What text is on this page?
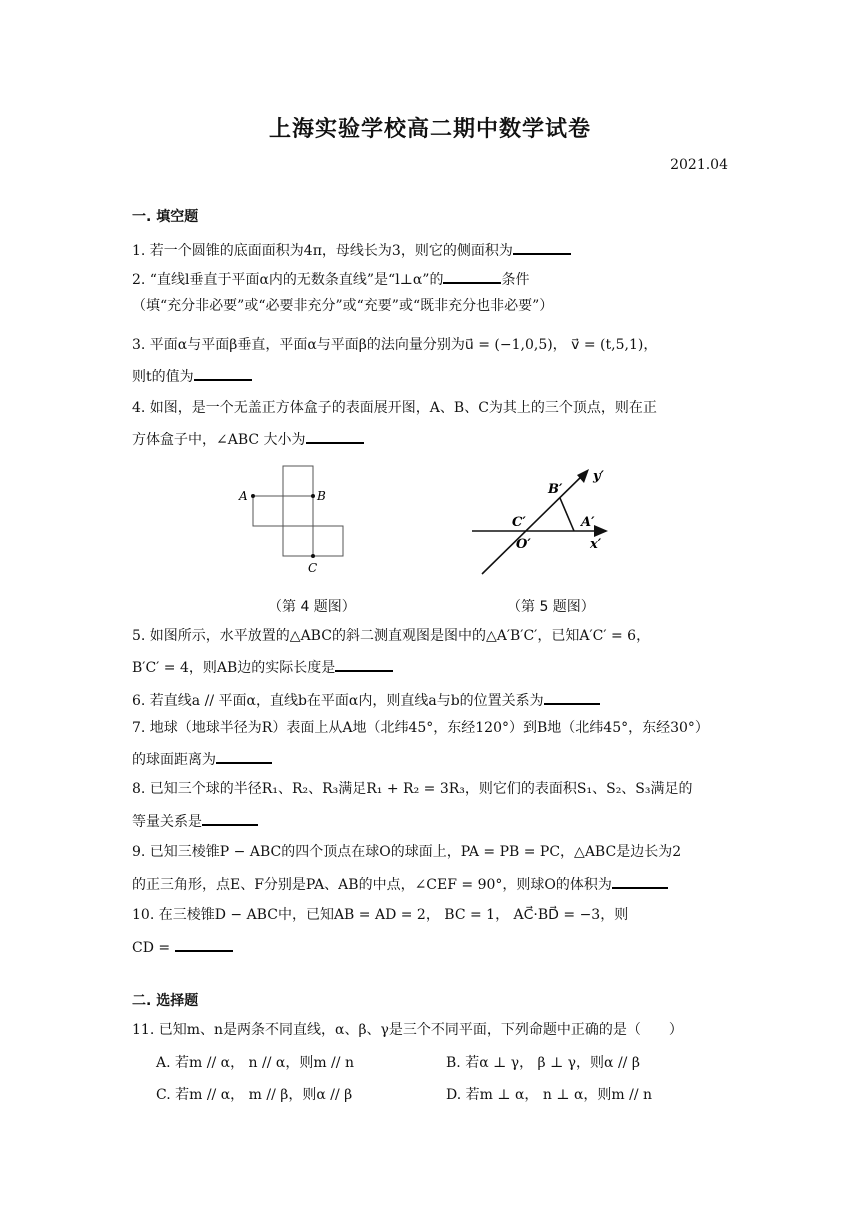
上海实验学校高二期中数学试卷
2021.04
一. 填空题
1. 若一个圆锥的底面面积为4π，母线长为3，则它的侧面积为
2. “直线l垂直于平面α内的无数条直线”是“l⊥α”的	条件
（填“充分非必要”或“必要非充分”或“充要”或“既非充分也非必要”）
3. 平面α与平面β垂直，平面α与平面β的法向量分别为u⃗ = (−1,0,5)， v⃗ = (t,5,1)，
则t的值为
4. 如图，是一个无盖正方体盒子的表面展开图，A、B、C为其上的三个顶点，则在正
方体盒子中，∠ABC 大小为
A	B
C
y′
B′
C′	A′
O′	x′
（第 4 题图）	（第 5 题图）
5. 如图所示，水平放置的△ABC的斜二测直观图是图中的△A′B′C′，已知A′C′ = 6，
B′C′ = 4，则AB边的实际长度是
6. 若直线a // 平面α，直线b在平面α内，则直线a与b的位置关系为
7. 地球（地球半径为R）表面上从A地（北纬45°，东经120°）到B地（北纬45°，东经30°）
的球面距离为
8. 已知三个球的半径R₁、R₂、R₃满足R₁ + R₂ = 3R₃，则它们的表面积S₁、S₂、S₃满足的
等量关系是
9. 已知三棱锥P − ABC的四个顶点在球O的球面上，PA = PB = PC，△ABC是边长为2
的正三角形，点E、F分别是PA、AB的中点，∠CEF = 90°，则球O的体积为
10. 在三棱锥D − ABC中，已知AB = AD = 2， BC = 1， AC⃗·BD⃗ = −3，则
CD =
二. 选择题
11. 已知m、n是两条不同直线，α、β、γ是三个不同平面，下列命题中正确的是（　　）
A. 若m // α， n // α，则m // n	B. 若α ⊥ γ， β ⊥ γ，则α // β
C. 若m // α， m // β，则α // β	D. 若m ⊥ α， n ⊥ α，则m // n
